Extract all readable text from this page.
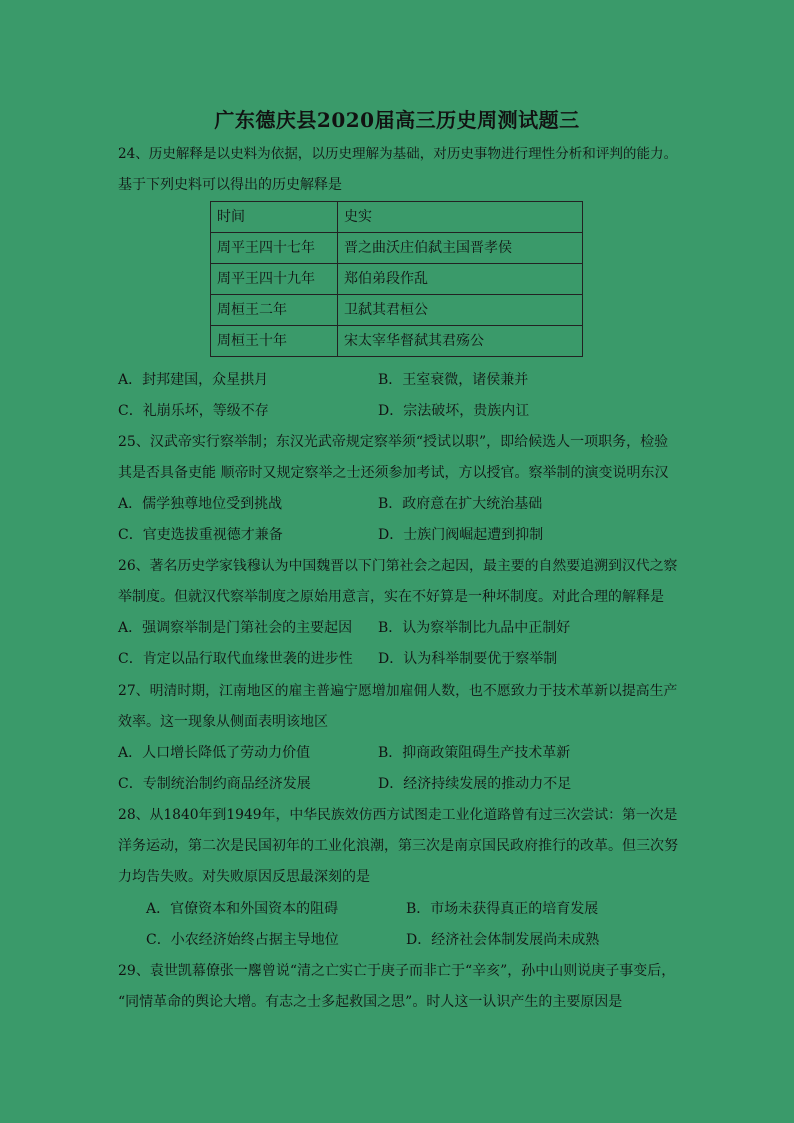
广东德庆县2020届高三历史周测试题三
24、历史解释是以史料为依据，以历史理解为基础，对历史事物进行理性分析和评判的能力。
基于下列史料可以得出的历史解释是
时间	史实
周平王四十七年	晋之曲沃庄伯弑主国晋孝侯
周平王四十九年	郑伯弟段作乱
周桓王二年	卫弑其君桓公
周桓王十年	宋太宰华督弑其君殇公
A．封邦建国，众星拱月	B．王室衰微，诸侯兼并
C．礼崩乐坏，等级不存	D．宗法破坏，贵族内讧
25、汉武帝实行察举制；东汉光武帝规定察举须“授试以职”，即给候选人一项职务，检验
其是否具备吏能 顺帝时又规定察举之士还须参加考试，方以授官。察举制的演变说明东汉
A．儒学独尊地位受到挑战	B．政府意在扩大统治基础
C．官吏选拔重视德才兼备	D．士族门阀崛起遭到抑制
26、著名历史学家钱穆认为中国魏晋以下门第社会之起因，最主要的自然要追溯到汉代之察
举制度。但就汉代察举制度之原始用意言，实在不好算是一种坏制度。对此合理的解释是
A．强调察举制是门第社会的主要起因 B．认为察举制比九品中正制好
C．肯定以品行取代血缘世袭的进步性 D．认为科举制要优于察举制
27、明清时期，江南地区的雇主普遍宁愿增加雇佣人数，也不愿致力于技术革新以提高生产
效率。这一现象从侧面表明该地区
A．人口增长降低了劳动力价值	B．抑商政策阻碍生产技术革新
C．专制统治制约商品经济发展	D．经济持续发展的推动力不足
28、从1840年到1949年，中华民族效仿西方试图走工业化道路曾有过三次尝试：第一次是
洋务运动，第二次是民国初年的工业化浪潮，第三次是南京国民政府推行的改革。但三次努
力均告失败。对失败原因反思最深刻的是
A．官僚资本和外国资本的阻碍	B．市场未获得真正的培育发展
C．小农经济始终占据主导地位	D．经济社会体制发展尚未成熟
29、袁世凯幕僚张一麐曾说“清之亡实亡于庚子而非亡于“辛亥”，孙中山则说庚子事变后，
“同情革命的舆论大增。有志之士多起救国之思”。时人这一认识产生的主要原因是
